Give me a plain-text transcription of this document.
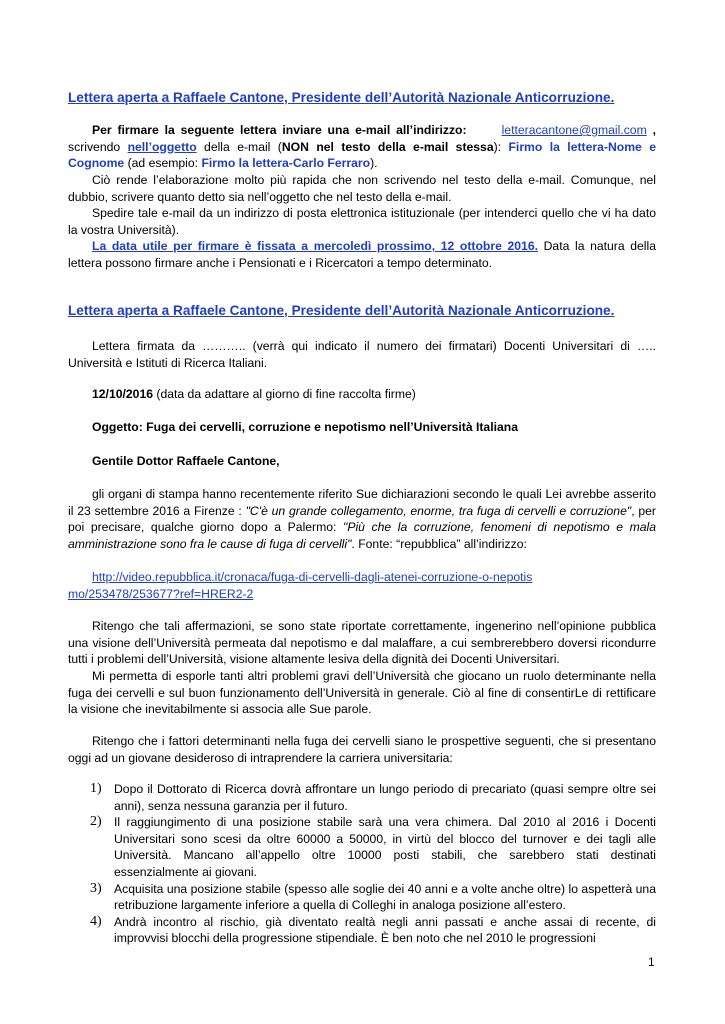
Lettera aperta a Raffaele Cantone, Presidente dell’Autorità Nazionale Anticorruzione.
Per firmare la seguente lettera inviare una e-mail all’indirizzo:	letteracantone@gmail.com , scrivendo nell’oggetto della e-mail (NON nel testo della e-mail stessa): Firmo la lettera-Nome e Cognome (ad esempio: Firmo la lettera-Carlo Ferraro).
Ciò rende l’elaborazione molto più rapida che non scrivendo nel testo della e-mail. Comunque, nel dubbio, scrivere quanto detto sia nell’oggetto che nel testo della e-mail.
Spedire tale e-mail da un indirizzo di posta elettronica istituzionale (per intenderci quello che vi ha dato la vostra Università).
La data utile per firmare è fissata a mercoledì prossimo, 12 ottobre 2016. Data la natura della lettera possono firmare anche i Pensionati e i Ricercatori a tempo determinato.
Lettera aperta a Raffaele Cantone, Presidente dell’Autorità Nazionale Anticorruzione.
Lettera firmata da ……….. (verrà qui indicato il numero dei firmatari) Docenti Universitari di ….. Università e Istituti di Ricerca Italiani.
12/10/2016 (data da adattare al giorno di fine raccolta firme)
Oggetto: Fuga dei cervelli, corruzione e nepotismo nell’Università Italiana
Gentile Dottor Raffaele Cantone,
gli organi di stampa hanno recentemente riferito Sue dichiarazioni secondo le quali Lei avrebbe asserito il 23 settembre 2016 a Firenze : "C'è un grande collegamento, enorme, tra fuga di cervelli e corruzione", per poi precisare, qualche giorno dopo a Palermo: "Più che la corruzione, fenomeni di nepotismo e mala amministrazione sono fra le cause di fuga di cervelli". Fonte: “repubblica” all’indirizzo:
http://video.repubblica.it/cronaca/fuga-di-cervelli-dagli-atenei-corruzione-o-nepotismo/253478/253677?ref=HRER2-2
Ritengo che tali affermazioni, se sono state riportate correttamente, ingenerino nell’opinione pubblica una visione dell’Università permeata dal nepotismo e dal malaffare, a cui sembrerebbero doversi ricondurre tutti i problemi dell’Università, visione altamente lesiva della dignità dei Docenti Universitari.
Mi permetta di esporle tanti altri problemi gravi dell’Università che giocano un ruolo determinante nella fuga dei cervelli e sul buon funzionamento dell’Università in generale. Ciò al fine di consentirLe di rettificare la visione che inevitabilmente si associa alle Sue parole.
Ritengo che i fattori determinanti nella fuga dei cervelli siano le prospettive seguenti, che si presentano oggi ad un giovane desideroso di intraprendere la carriera universitaria:
1) Dopo il Dottorato di Ricerca dovrà affrontare un lungo periodo di precariato (quasi sempre oltre sei anni), senza nessuna garanzia per il futuro.
2) Il raggiungimento di una posizione stabile sarà una vera chimera. Dal 2010 al 2016 i Docenti Universitari sono scesi da oltre 60000 a 50000, in virtù del blocco del turnover e dei tagli alle Università. Mancano all’appello oltre 10000 posti stabili, che sarebbero stati destinati essenzialmente ai giovani.
3) Acquisita una posizione stabile (spesso alle soglie dei 40 anni e a volte anche oltre) lo aspetterà una retribuzione largamente inferiore a quella di Colleghi in analoga posizione all’estero.
4) Andrà incontro al rischio, già diventato realtà negli anni passati e anche assai di recente, di improvvisi blocchi della progressione stipendiale. È ben noto che nel 2010 le progressioni
1
